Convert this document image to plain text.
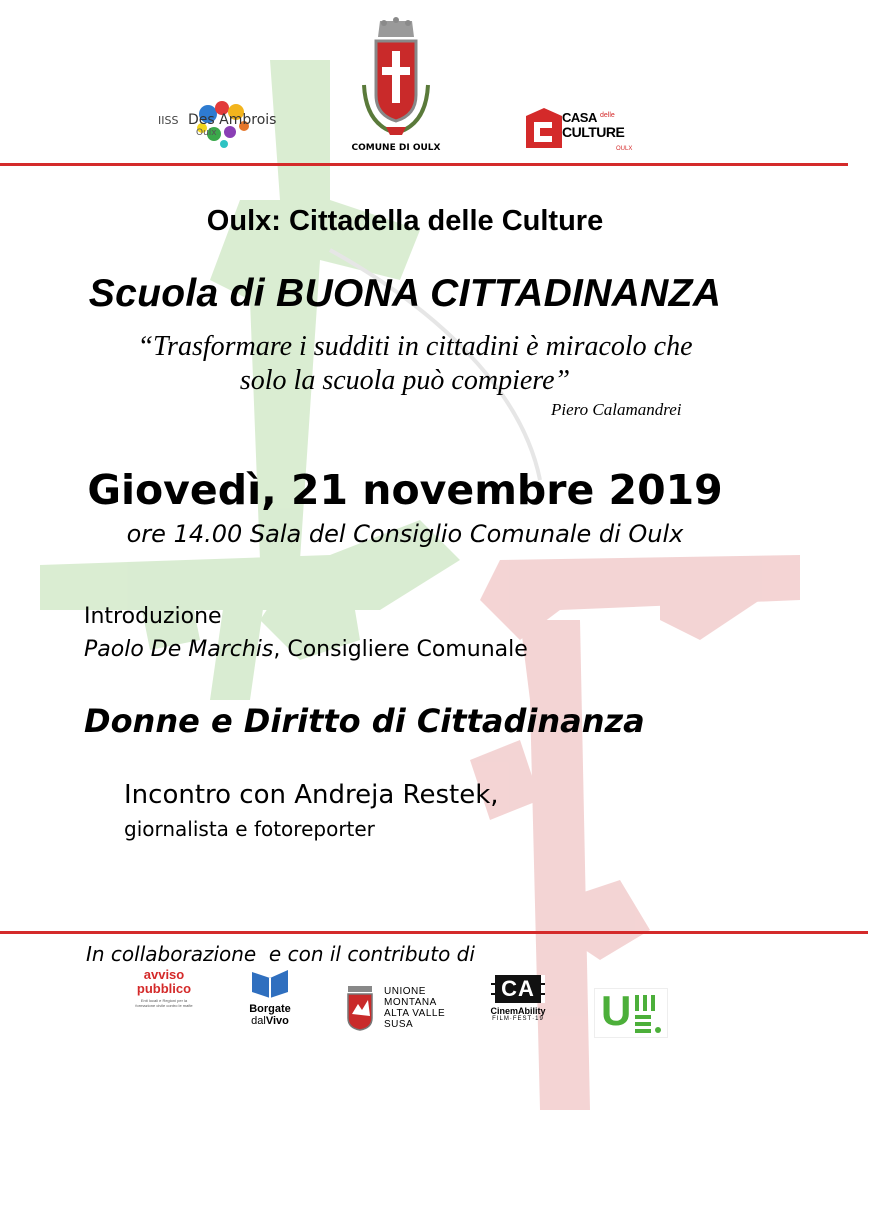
IISS Des Ambrois
Oulx
COMUNE DI OULX
CASA delle
CULTURE
OULX
Oulx: Cittadella delle Culture
Scuola di BUONA CITTADINANZA
“Trasformare i sudditi in cittadini è miracolo che
solo la scuola può compiere”
Piero Calamandrei
Giovedì, 21 novembre 2019
ore 14.00 Sala del Consiglio Comunale di Oulx
Introduzione
Paolo De Marchis, Consigliere Comunale
Donne e Diritto di Cittadinanza
Incontro con Andreja Restek,
giornalista e fotoreporter
In collaborazione  e con il contributo di
avviso
pubblico
Enti locali e Regioni per la formazione civile contro le mafie	Borgate
dalVivo
UNIONE
MONTANA
ALTA VALLE
SUSA
CA
CinemAbility
FILM·FEST·19 U
